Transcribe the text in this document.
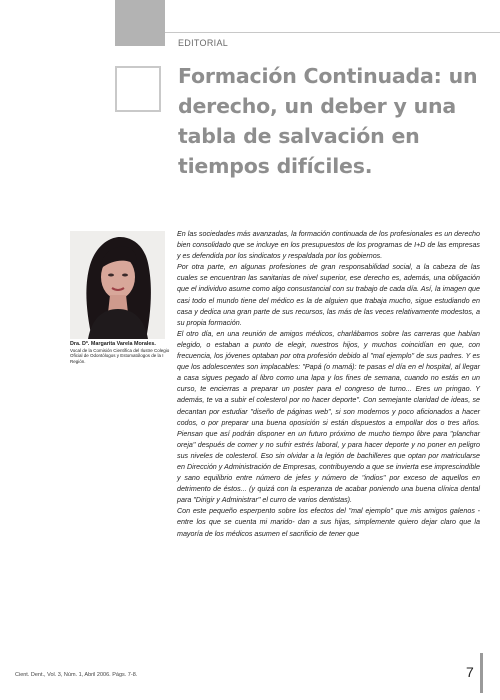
EDITORIAL
Formación Continuada: un derecho, un deber y una tabla de salvación en tiempos difíciles.
Dra. Dª. Margarita Varela Morales.
Vocal de la Comisión Científica del Ilustre Colegio Oficial de Odontólogos y Estomatólogos de la I Región.

En las sociedades más avanzadas, la formación continuada de los profesionales es un derecho bien consolidado que se incluye en los presupuestos de los programas de I+D de las empresas y es defendida por los sindicatos y respaldada por los gobiernos.

Por otra parte, en algunas profesiones de gran responsabilidad social, a la cabeza de las cuales se encuentran las sanitarias de nivel superior, ese derecho es, además, una obligación que el individuo asume como algo consustancial con su trabajo de cada día. Así, la imagen que casi todo el mundo tiene del médico es la de alguien que trabaja mucho, sigue estudiando en casa y dedica una gran parte de sus recursos, las más de las veces relativamente modestos, a su propia formación.

El otro día, en una reunión de amigos médicos, charlábamos sobre las carreras que habían elegido, o estaban a punto de elegir, nuestros hijos, y muchos coincidían en que, con frecuencia, los jóvenes optaban por otra profesión debido al "mal ejemplo" de sus padres. Y es que los adolescentes son implacables: "Papá (o mamá): te pasas el día en el hospital, al llegar a casa sigues pegado al libro como una lapa y los fines de semana, cuando no estás en un curso, te encierras a preparar un poster para el congreso de turno... Eres un pringao. Y además, te va a subir el colesterol por no hacer deporte". Con semejante claridad de ideas, se decantan por estudiar "diseño de páginas web", si son modernos y poco aficionados a hacer codos, o por preparar una buena oposición si están dispuestos a empollar dos o tres años. Piensan que así podrán disponer en un futuro próximo de mucho tiempo libre para "planchar oreja" después de comer y no sufrir estrés laboral, y para hacer deporte y no poner en peligro sus niveles de colesterol. Eso sin olvidar a la legión de bachilleres que optan por matricularse en Dirección y Administración de Empresas, contribuyendo a que se invierta ese imprescindible y sano equilibrio entre número de jefes y número de "indios" por exceso de aquellos en detrimento de éstos... (y quizá con la esperanza de acabar poniendo una buena clínica dental para "Dirigir y Administrar" el curro de varios dentistas).

Con este pequeño esperpento sobre los efectos del "mal ejemplo" que mis amigos galenos -entre los que se cuenta mi marido- dan a sus hijas, simplemente quiero dejar claro que la mayoría de los médicos asumen el sacrificio de tener que

Cient. Dent., Vol. 3, Núm. 1, Abril 2006. Págs. 7-8.	7
